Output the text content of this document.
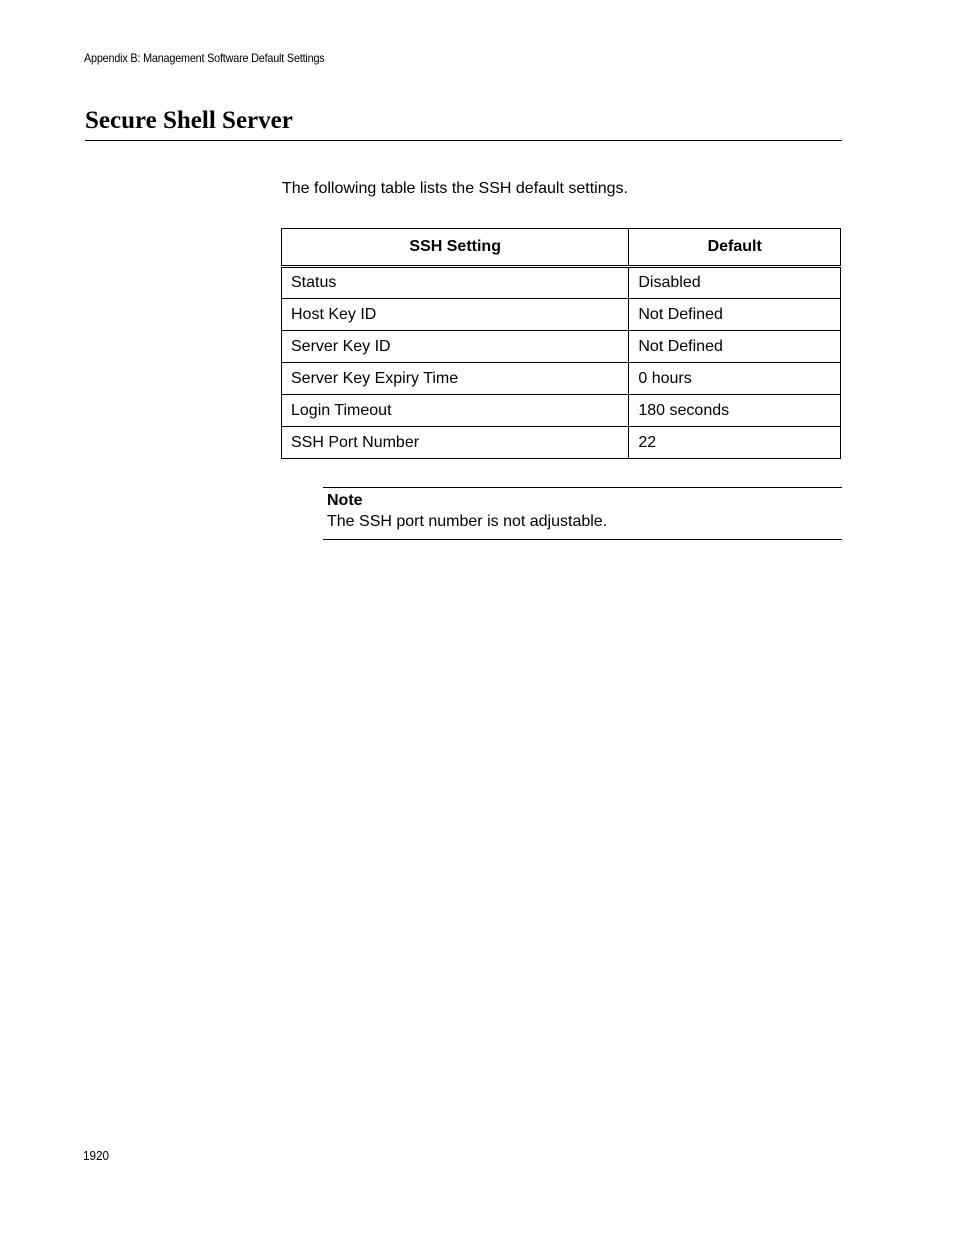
Appendix B: Management Software Default Settings
Secure Shell Server

The following table lists the SSH default settings.

SSH Setting	Default
Status	Disabled
Host Key ID	Not Defined
Server Key ID	Not Defined
Server Key Expiry Time	0 hours
Login Timeout	180 seconds
SSH Port Number	22
Note
The SSH port number is not adjustable.
1920
